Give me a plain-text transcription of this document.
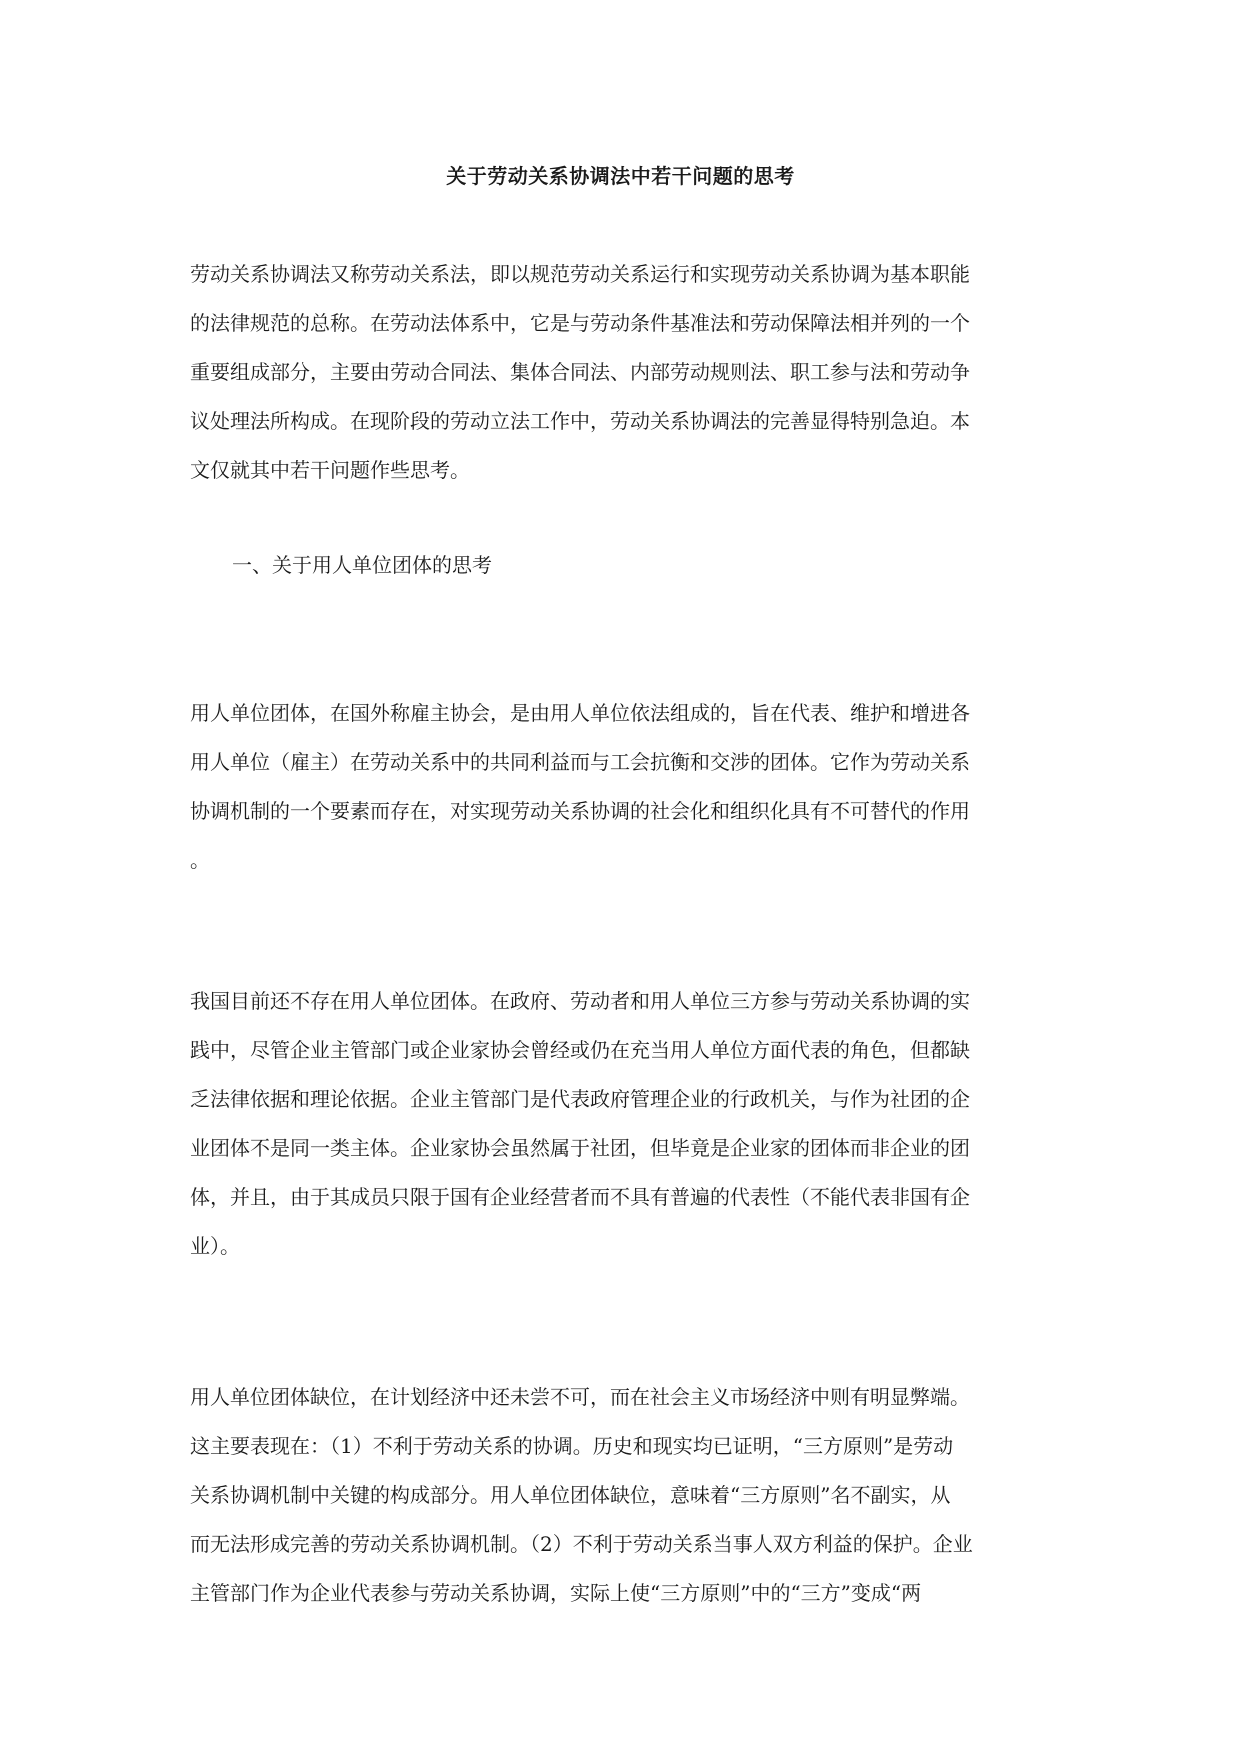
关于劳动关系协调法中若干问题的思考
劳动关系协调法又称劳动关系法，即以规范劳动关系运行和实现劳动关系协调为基本职能
的法律规范的总称。在劳动法体系中，它是与劳动条件基准法和劳动保障法相并列的一个
重要组成部分，主要由劳动合同法、集体合同法、内部劳动规则法、职工参与法和劳动争
议处理法所构成。在现阶段的劳动立法工作中，劳动关系协调法的完善显得特别急迫。本
文仅就其中若干问题作些思考。
一、关于用人单位团体的思考
用人单位团体，在国外称雇主协会，是由用人单位依法组成的，旨在代表、维护和增进各
用人单位（雇主）在劳动关系中的共同利益而与工会抗衡和交涉的团体。它作为劳动关系
协调机制的一个要素而存在，对实现劳动关系协调的社会化和组织化具有不可替代的作用
。
我国目前还不存在用人单位团体。在政府、劳动者和用人单位三方参与劳动关系协调的实
践中，尽管企业主管部门或企业家协会曾经或仍在充当用人单位方面代表的角色，但都缺
乏法律依据和理论依据。企业主管部门是代表政府管理企业的行政机关，与作为社团的企
业团体不是同一类主体。企业家协会虽然属于社团，但毕竟是企业家的团体而非企业的团
体，并且，由于其成员只限于国有企业经营者而不具有普遍的代表性（不能代表非国有企
业）。
用人单位团体缺位，在计划经济中还未尝不可，而在社会主义市场经济中则有明显弊端。
这主要表现在：（1）不利于劳动关系的协调。历史和现实均已证明，“三方原则”是劳动
关系协调机制中关键的构成部分。用人单位团体缺位，意味着“三方原则”名不副实，从
而无法形成完善的劳动关系协调机制。（2）不利于劳动关系当事人双方利益的保护。企业
主管部门作为企业代表参与劳动关系协调，实际上使“三方原则”中的“三方”变成“两
